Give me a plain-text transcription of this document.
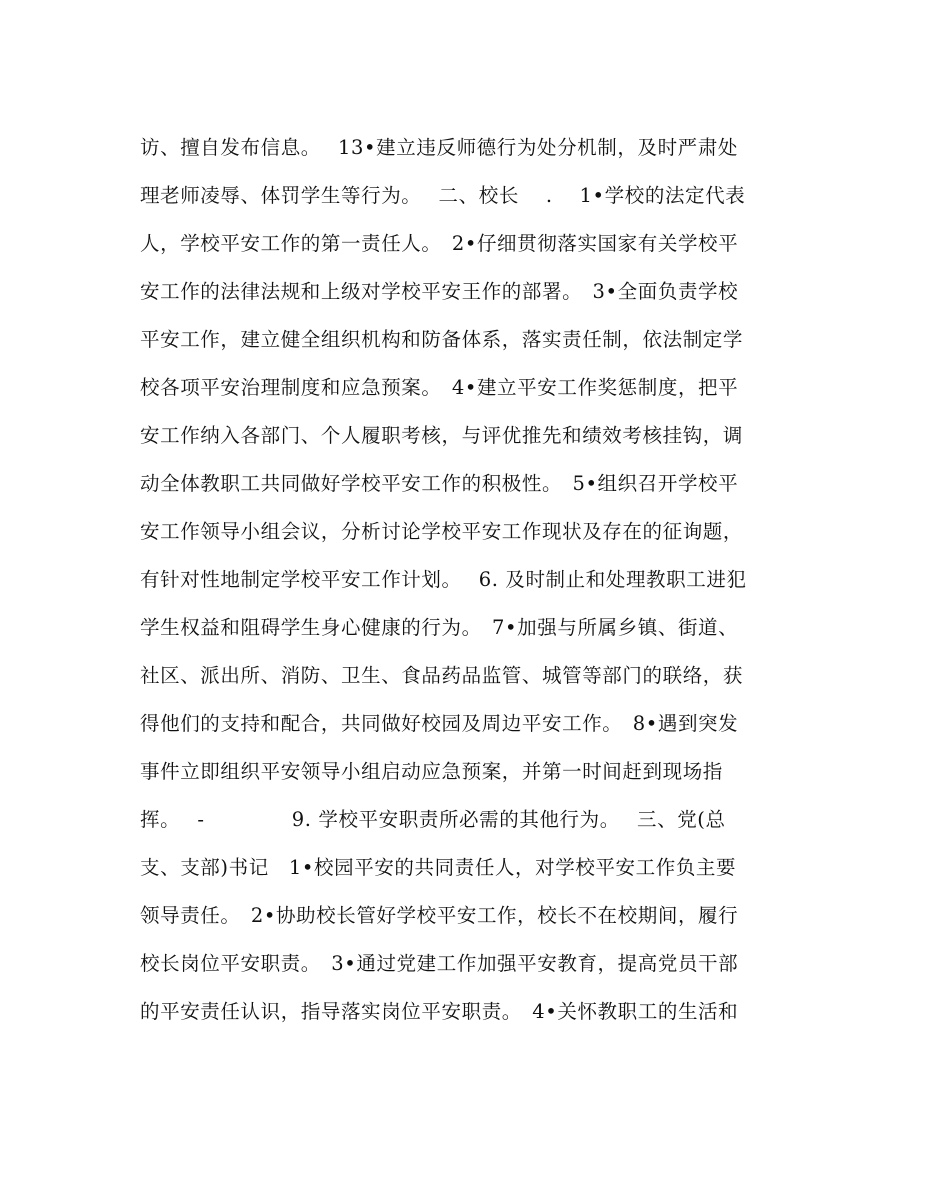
访、擅自发布信息。　 13•建立违反师德行为处分机制，及时严肃处
理老师凌辱、体罚学生等行为。　 二、校长　 .　 1•学校的法定代表
人，学校平安工作的第一责任人。　2•仔细贯彻落实国家有关学校平
安工作的法律法规和上级对学校平安王作的部署。　3•全面负责学校
平安工作，建立健全组织机构和防备体系，落实责任制，依法制定学
校各项平安治理制度和应急预案。　4•建立平安工作奖惩制度，把平
安工作纳入各部门、个人履职考核，与评优推先和绩效考核挂钩，调
动全体教职工共同做好学校平安工作的积极性。　5•组织召开学校平
安工作领导小组会议，分析讨论学校平安工作现状及存在的征询题，
有针对性地制定学校平安工作计划。　 6. 及时制止和处理教职工进犯
学生权益和阻碍学生身心健康的行为。　7•加强与所属乡镇、街道、
社区、派出所、消防、卫生、食品药品监管、城管等部门的联络，获
得他们的支持和配合，共同做好校园及周边平安工作。　8•遇到突发
事件立即组织平安领导小组启动应急预案，并第一时间赶到现场指
挥。　 -　　　　 9. 学校平安职责所必需的其他行为。　 三、党(总
支、支部)书记　1•校园平安的共同责任人，对学校平安工作负主要
领导责任。　2•协助校长管好学校平安工作，校长不在校期间，履行
校长岗位平安职责。　3•通过党建工作加强平安教育，提高党员干部
的平安责任认识，指导落实岗位平安职责。　4•关怀教职工的生活和
